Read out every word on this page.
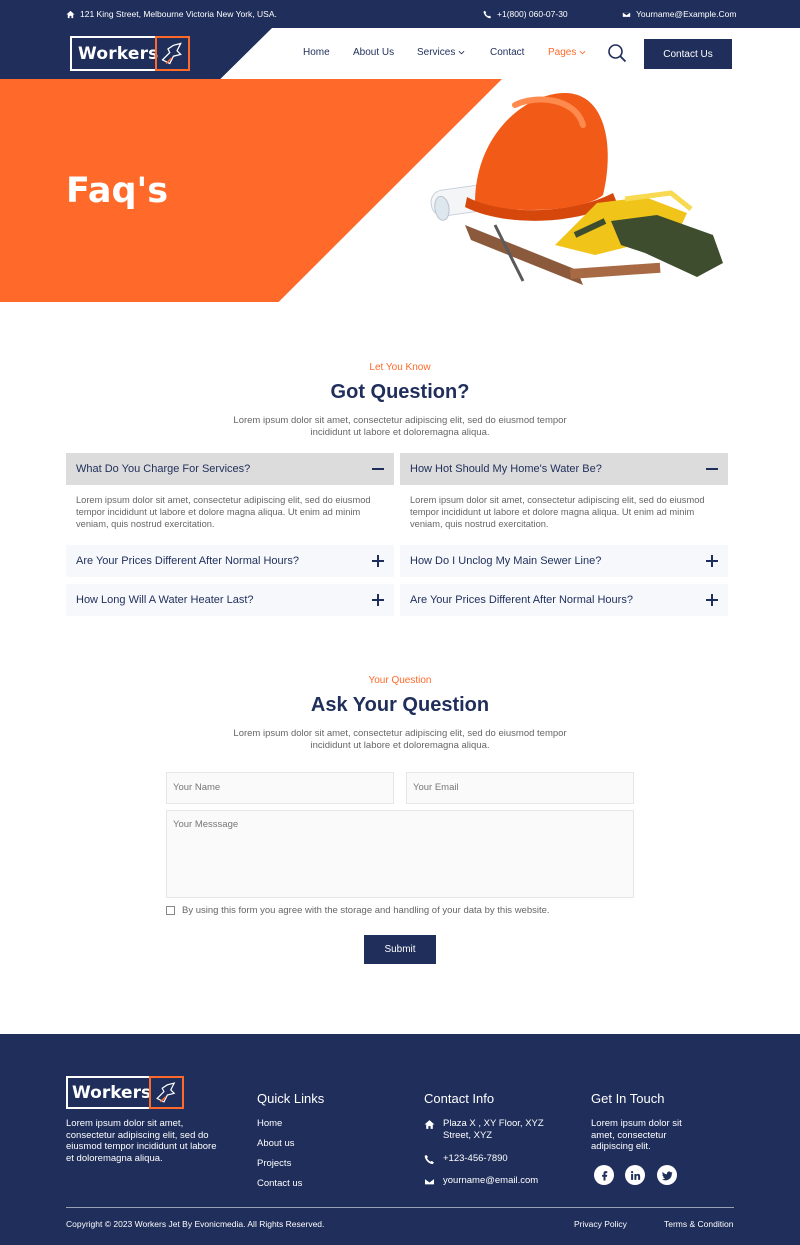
121 King Street, Melbourne Victoria New York, USA.	+1(800) 060-07-30	Yourname@Example.Com
Workers	Home About Us Services	Contact Pages	Contact Us
Faq's
Let You Know
Got Question?
Lorem ipsum dolor sit amet, consectetur adipiscing elit, sed do eiusmod tempor incididunt ut labore et doloremagna aliqua.
What Do You Charge For Services?
Lorem ipsum dolor sit amet, consectetur adipiscing elit, sed do eiusmod tempor incididunt ut labore et dolore magna aliqua. Ut enim ad minim veniam, quis nostrud exercitation.
How Hot Should My Home's Water Be?
Lorem ipsum dolor sit amet, consectetur adipiscing elit, sed do eiusmod tempor incididunt ut labore et dolore magna aliqua. Ut enim ad minim veniam, quis nostrud exercitation.
Are Your Prices Different After Normal Hours?	How Do I Unclog My Main Sewer Line?
How Long Will A Water Heater Last?	Are Your Prices Different After Normal Hours?
Your Question
Ask Your Question
Lorem ipsum dolor sit amet, consectetur adipiscing elit, sed do eiusmod tempor incididunt ut labore et doloremagna aliqua.
Your Name	Your Email
Your Messsage
By using this form you agree with the storage and handling of your data by this website.
Submit
Workers
Lorem ipsum dolor sit amet, consectetur adipiscing elit, sed do eiusmod tempor incididunt ut labore et doloremagna aliqua.
Quick Links
Home
About us
Projects
Contact us
Contact Info
Plaza X , XY Floor, XYZ Street, XYZ
+123-456-7890
yourname@email.com
Get In Touch
Lorem ipsum dolor sit amet, consectetur adipiscing elit.
Copyright © 2023 Workers Jet By Evonicmedia. All Rights Reserved.	Privacy Policy	Terms & Condition
